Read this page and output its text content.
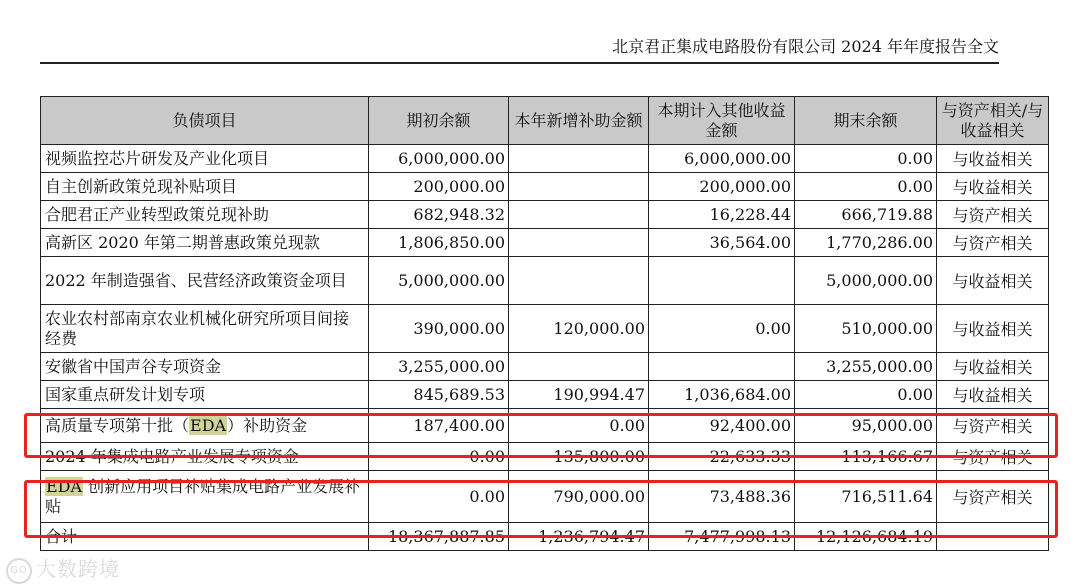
北京君正集成电路股份有限公司 2024 年年度报告全文
负债项目	期初余额	本年新增补助金额	本期计入其他收益金额	期末余额	与资产相关/与收益相关
视频监控芯片研发及产业化项目	6,000,000.00		6,000,000.00	0.00	与收益相关
自主创新政策兑现补贴项目	200,000.00		200,000.00	0.00	与收益相关
合肥君正产业转型政策兑现补助	682,948.32		16,228.44	666,719.88	与资产相关
高新区 2020 年第二期普惠政策兑现款	1,806,850.00		36,564.00	1,770,286.00	与资产相关
2022 年制造强省、民营经济政策资金项目	5,000,000.00			5,000,000.00	与收益相关
农业农村部南京农业机械化研究所项目间接经费	390,000.00	120,000.00	0.00	510,000.00	与收益相关
安徽省中国声谷专项资金	3,255,000.00			3,255,000.00	与收益相关
国家重点研发计划专项	845,689.53	190,994.47	1,036,684.00	0.00	与收益相关
高质量专项第十批（EDA）补助资金	187,400.00	0.00	92,400.00	95,000.00	与资产相关
2024 年集成电路产业发展专项资金	0.00	135,800.00	22,633.33	113,166.67	与资产相关
EDA 创新应用项目补贴集成电路产业发展补贴	0.00	790,000.00	73,488.36	716,511.64	与资产相关
合计	18,367,887.85	1,236,794.47	7,477,998.13	12,126,684.19	
GO 大数跨境
